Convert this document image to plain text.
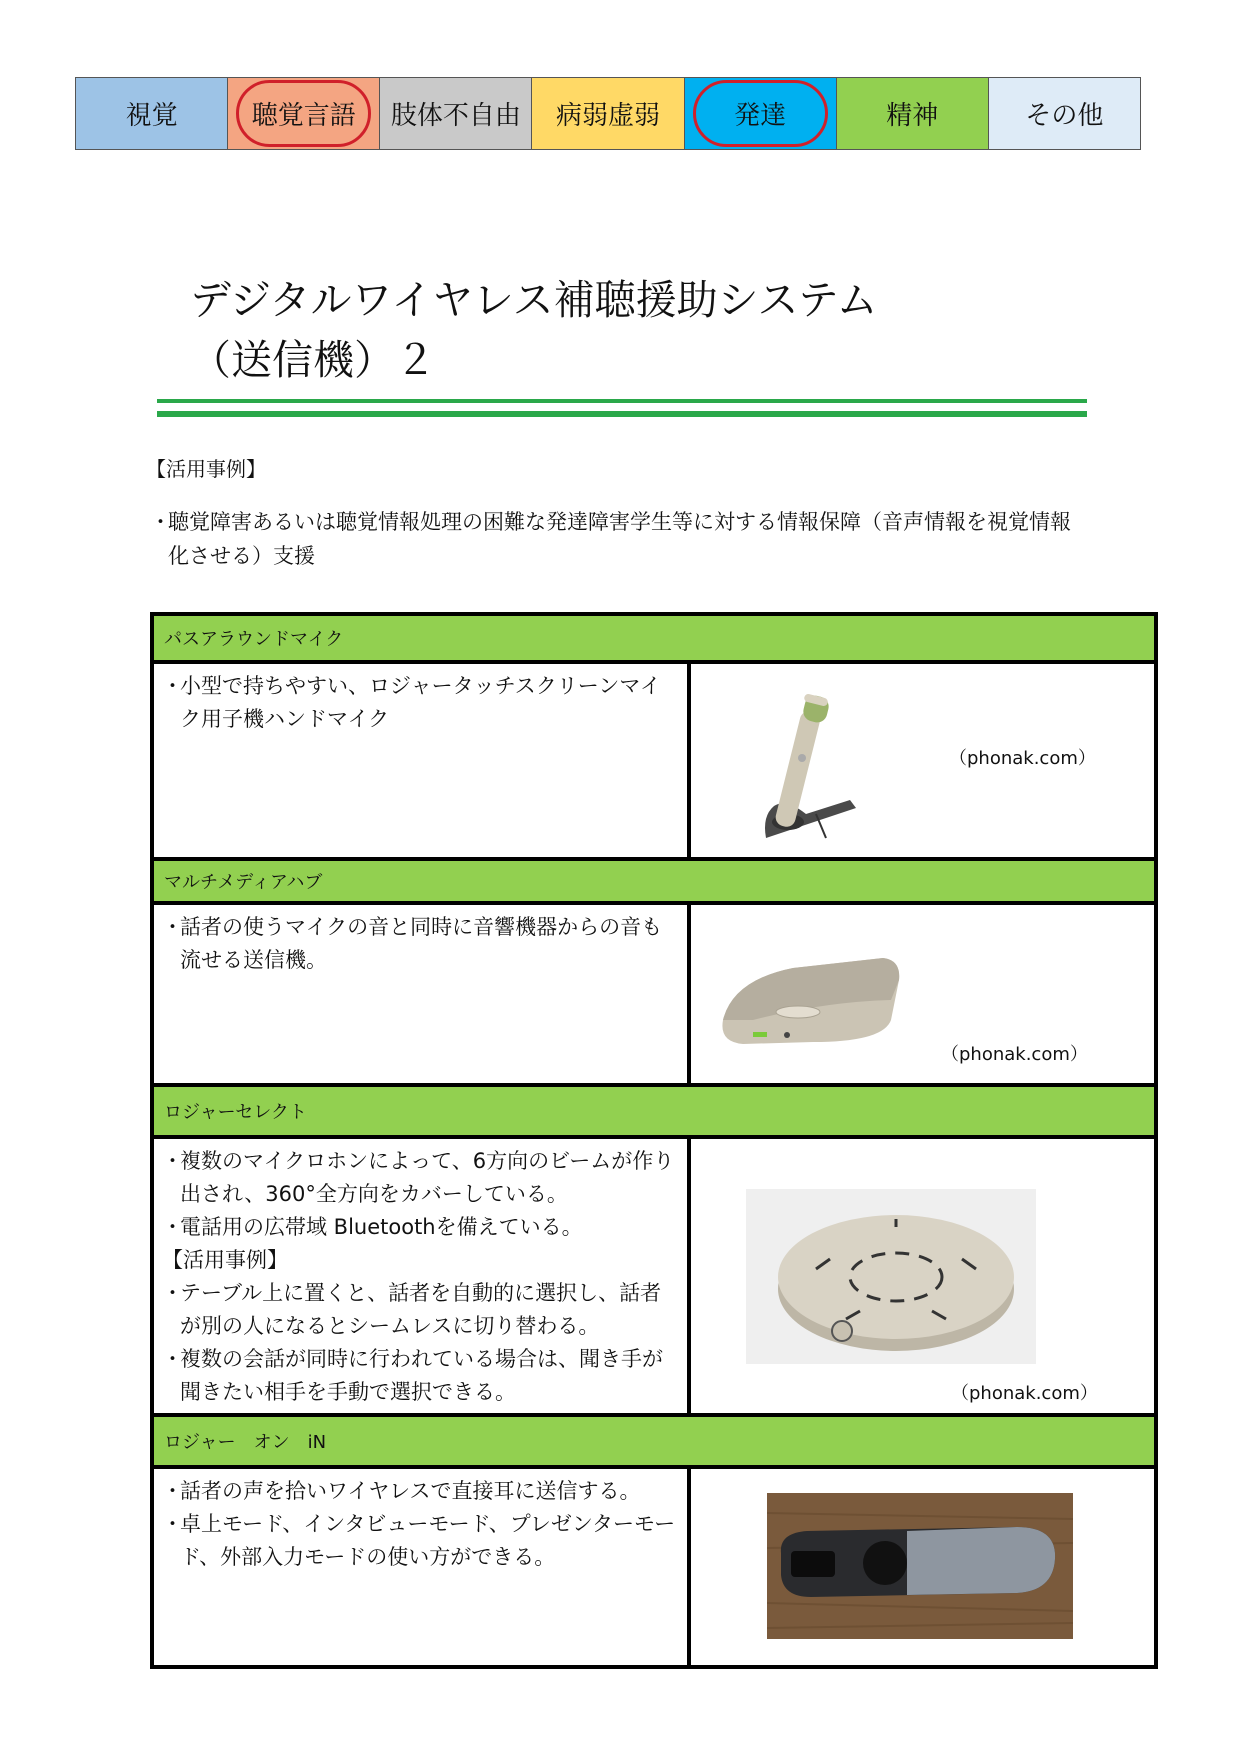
視覚	聴覚言語 肢体不自由 病弱虚弱	発達	精神	その他
デジタルワイヤレス補聴援助システム
（送信機）２
【活用事例】
・
聴覚障害あるいは聴覚情報処理の困難な発達障害学生等に対する情報保障（音声情報を視覚情報化させる）支援
パスアラウンドマイク
・
小型で持ちやすい、ロジャータッチスクリーンマイク用子機ハンドマイク
（phonak.com）
マルチメディアハブ
・
話者の使うマイクの音と同時に音響機器からの音も流せる送信機。
（phonak.com）
ロジャーセレクト
・
複数のマイクロホンによって、6方向のビームが作り出され、360°全方向をカバーしている。
・
電話用の広帯域 Bluetoothを備えている。
【活用事例】
・
テーブル上に置くと、話者を自動的に選択し、話者が別の人になるとシームレスに切り替わる。
・
複数の会話が同時に行われている場合は、聞き手が聞きたい相手を手動で選択できる。	（phonak.com）
ロジャー　オン　iN
・
話者の声を拾いワイヤレスで直接耳に送信する。
・
卓上モード、インタビューモード、プレゼンターモード、外部入力モードの使い方ができる。
